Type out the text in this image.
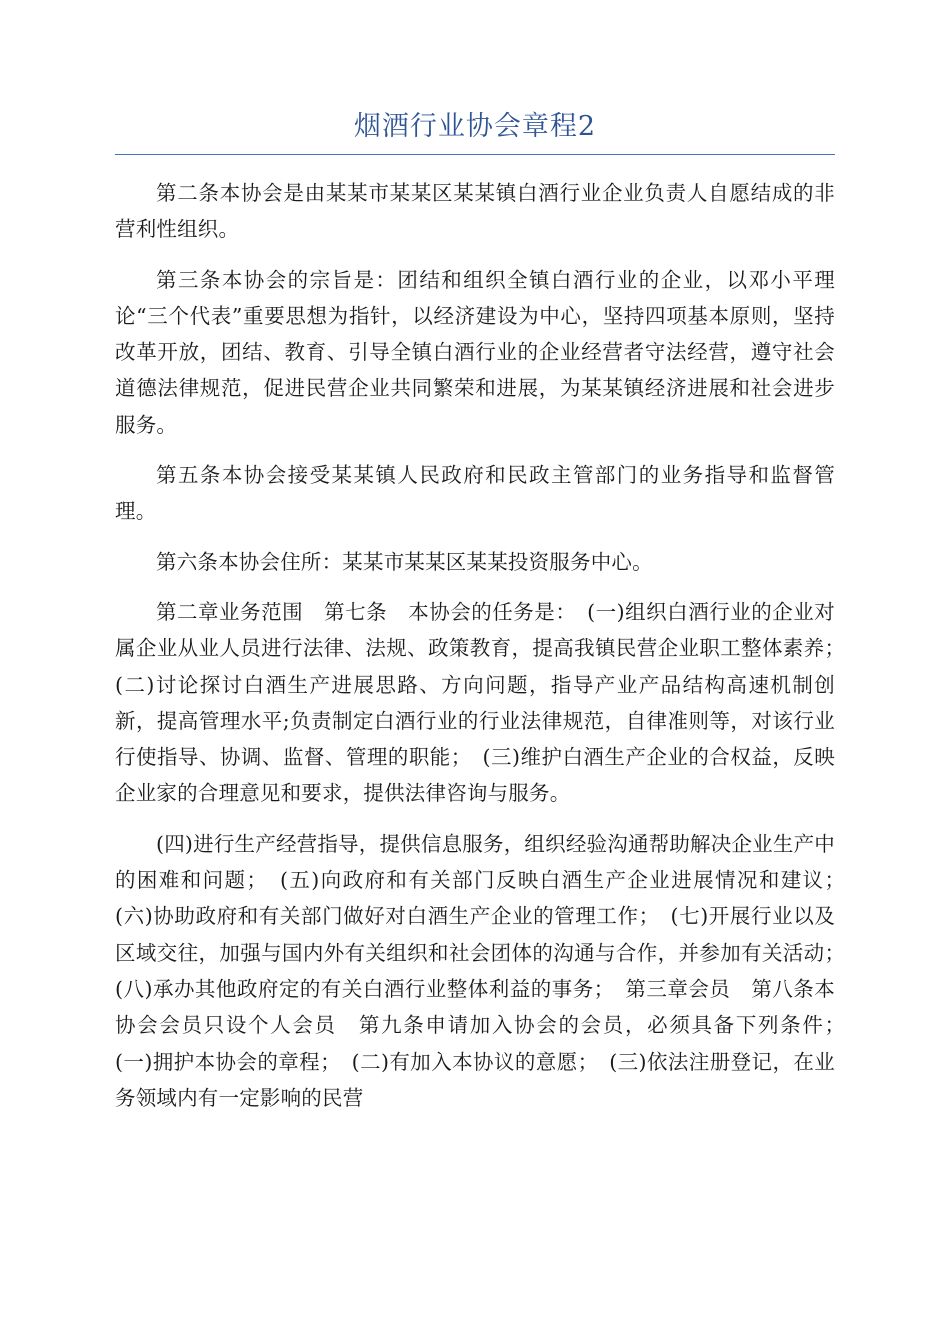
烟酒行业协会章程2

第二条本协会是由某某市某某区某某镇白酒行业企业负责人自愿结成的非营利性组织。

第三条本协会的宗旨是：团结和组织全镇白酒行业的企业，以邓小平理论“三个代表”重要思想为指针，以经济建设为中心，坚持四项基本原则，坚持改革开放，团结、教育、引导全镇白酒行业的企业经营者守法经营，遵守社会道德法律规范，促进民营企业共同繁荣和进展，为某某镇经济进展和社会进步服务。

第五条本协会接受某某镇人民政府和民政主管部门的业务指导和监督管理。

第六条本协会住所：某某市某某区某某投资服务中心。

第二章业务范围　第七条　本协会的任务是：　(一)组织白酒行业的企业对属企业从业人员进行法律、法规、政策教育，提高我镇民营企业职工整体素养；　(二)讨论探讨白酒生产进展思路、方向问题，指导产业产品结构高速机制创新，提高管理水平;负责制定白酒行业的行业法律规范，自律准则等，对该行业行使指导、协调、监督、管理的职能；　(三)维护白酒生产企业的合权益，反映企业家的合理意见和要求，提供法律咨询与服务。

(四)进行生产经营指导，提供信息服务，组织经验沟通帮助解决企业生产中的困难和问题；　(五)向政府和有关部门反映白酒生产企业进展情况和建议；　(六)协助政府和有关部门做好对白酒生产企业的管理工作；　(七)开展行业以及区域交往，加强与国内外有关组织和社会团体的沟通与合作，并参加有关活动；　(八)承办其他政府定的有关白酒行业整体利益的事务；　第三章会员　第八条本协会会员只设个人会员　第九条申请加入协会的会员，必须具备下列条件；　(一)拥护本协会的章程；　(二)有加入本协议的意愿；　(三)依法注册登记，在业务领域内有一定影响的民营
